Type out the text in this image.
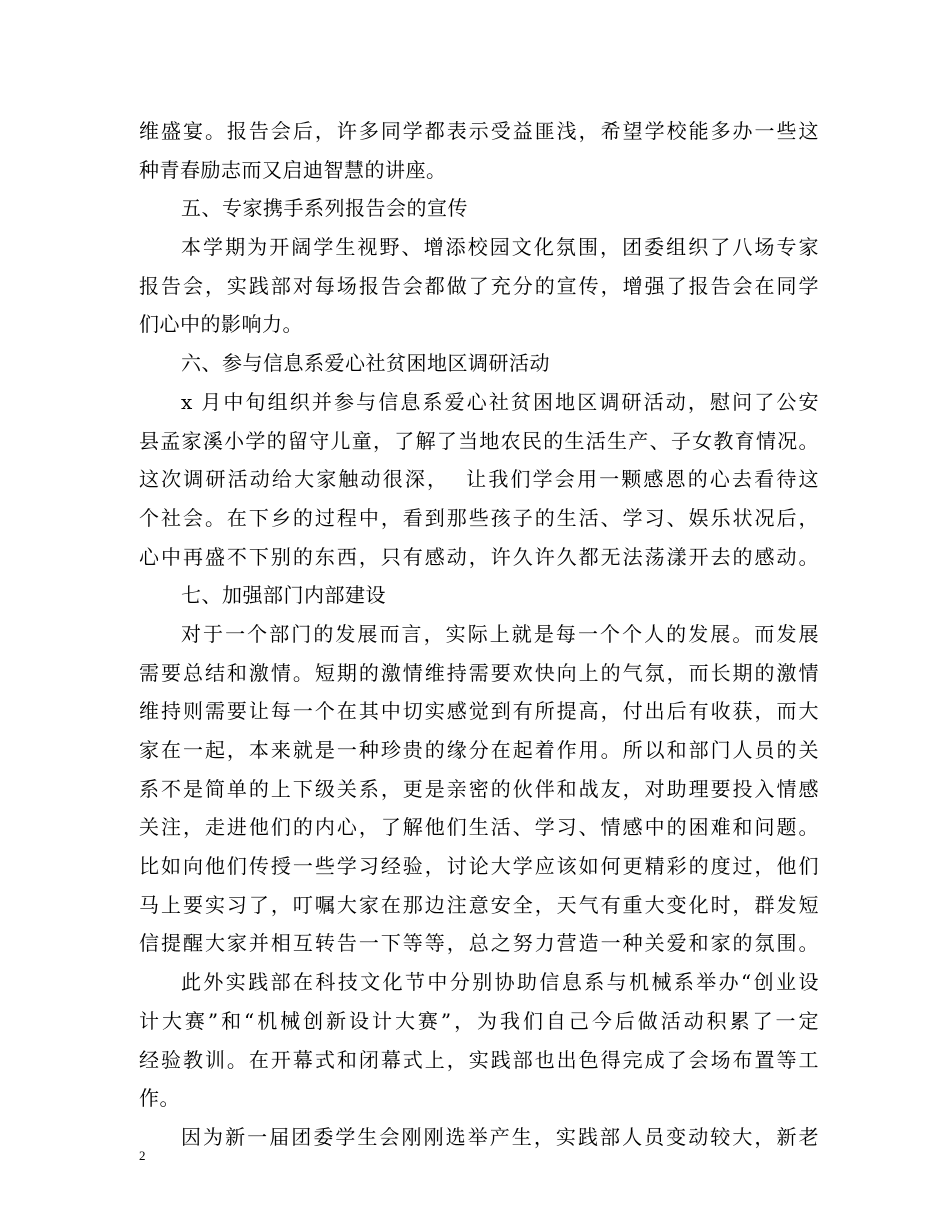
维盛宴。报告会后，许多同学都表示受益匪浅，希望学校能多办一些这
种青春励志而又启迪智慧的讲座。
五、专家携手系列报告会的宣传
本学期为开阔学生视野、增添校园文化氛围，团委组织了八场专家
报告会，实践部对每场报告会都做了充分的宣传，增强了报告会在同学
们心中的影响力。
六、参与信息系爱心社贫困地区调研活动
x 月中旬组织并参与信息系爱心社贫困地区调研活动，慰问了公安
县孟家溪小学的留守儿童，了解了当地农民的生活生产、子女教育情况。
这次调研活动给大家触动很深，  让我们学会用一颗感恩的心去看待这
个社会。在下乡的过程中，看到那些孩子的生活、学习、娱乐状况后，
心中再盛不下别的东西，只有感动，许久许久都无法荡漾开去的感动。
七、加强部门内部建设
对于一个部门的发展而言，实际上就是每一个个人的发展。而发展
需要总结和激情。短期的激情维持需要欢快向上的气氛，而长期的激情
维持则需要让每一个在其中切实感觉到有所提高，付出后有收获，而大
家在一起，本来就是一种珍贵的缘分在起着作用。所以和部门人员的关
系不是简单的上下级关系，更是亲密的伙伴和战友，对助理要投入情感
关注，走进他们的内心，了解他们生活、学习、情感中的困难和问题。
比如向他们传授一些学习经验，讨论大学应该如何更精彩的度过，他们
马上要实习了，叮嘱大家在那边注意安全，天气有重大变化时，群发短
信提醒大家并相互转告一下等等，总之努力营造一种关爱和家的氛围。
此外实践部在科技文化节中分别协助信息系与机械系举办“创业设
计大赛”和“机械创新设计大赛”，为我们自己今后做活动积累了一定
经验教训。在开幕式和闭幕式上，实践部也出色得完成了会场布置等工
作。
因为新一届团委学生会刚刚选举产生，实践部人员变动较大，新老
2
